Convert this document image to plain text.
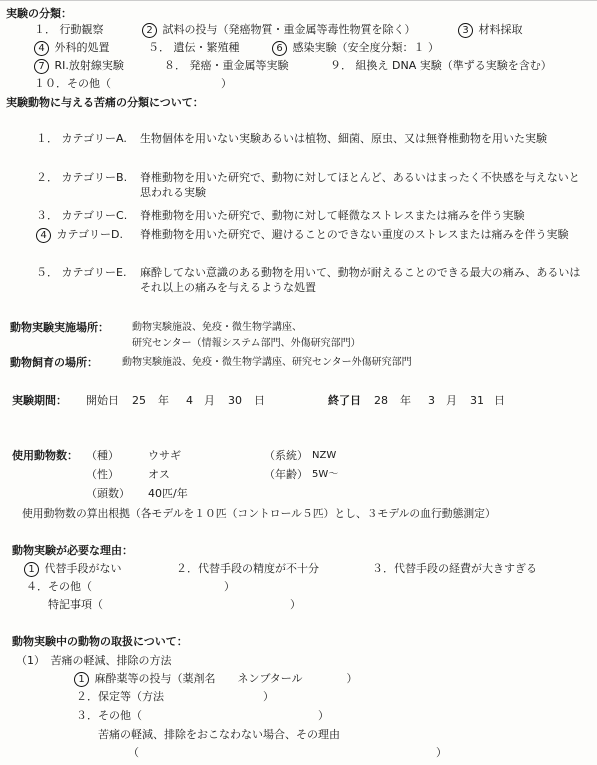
実験の分類：
１０．その他（　　　　　　　　　　）
実験動物に与える苦痛の分類について：
動物実験実施場所： 動物実験施設、免疫・微生物学講座、
研究センター（情報システム部門、外傷研究部門）
動物飼育の場所： 動物実験施設、免疫・微生物学講座、研究センター外傷研究部門
実験期間： 開始日 25 年 4 月 30 日	終了日 28 年 3 月 31 日
使用動物数： （種）	ウサギ	（系統） NZW
（性）	オス	（年齢） 5W～
（頭数） 40匹/年
使用動物数の算出根拠（各モデルを１０匹（コントロール５匹）とし、３モデルの血行動態測定）
動物実験が必要な理由：
1 代替手段がない	２．代替手段の精度が不十分	３．代替手段の経費が大きすぎる
４．その他（　　　　　　　　　　　　）
特記事項（　　　　　　　　　　　　　　　　　）
動物実験中の動物の取扱について：
（1）　苦痛の軽減、排除の方法
1 麻酔薬等の投与（薬剤名　　ネンブタール　　　　）
２．保定等（方法　　　　　　　　　）
３．その他（　　　　　　　　　　　　　　　　）
苦痛の軽減、排除をおこなわない場合、その理由
（　　　　　　　　　　　　　　　　　　　　　　　　　　　）
１． 行動観察	2 試料の投与（発癌物質・重金属等毒性物質を除く）	3 材料採取
4 外科的処置	５． 遺伝・繁殖種	6 感染実験（安全度分類：１ ）
7 RI.放射線実験	８． 発癌・重金属等実験	９． 組換え DNA 実験（準ずる実験を含む）
１． カテゴリーA.	生物個体を用いない実験あるいは植物、細菌、原虫、又は無脊椎動物を用いた実験
２． カテゴリーB.	脊椎動物を用いた研究で、動物に対してほとんど、あるいはまったく不快感を与えないと思われる実験
３． カテゴリーC.	脊椎動物を用いた研究で、動物に対して軽微なストレスまたは痛みを伴う実験
4 カテゴリーD.	脊椎動物を用いた研究で、避けることのできない重度のストレスまたは痛みを伴う実験
５． カテゴリーE.	麻酔してない意識のある動物を用いて、動物が耐えることのできる最大の痛み、あるいはそれ以上の痛みを与えるような処置
